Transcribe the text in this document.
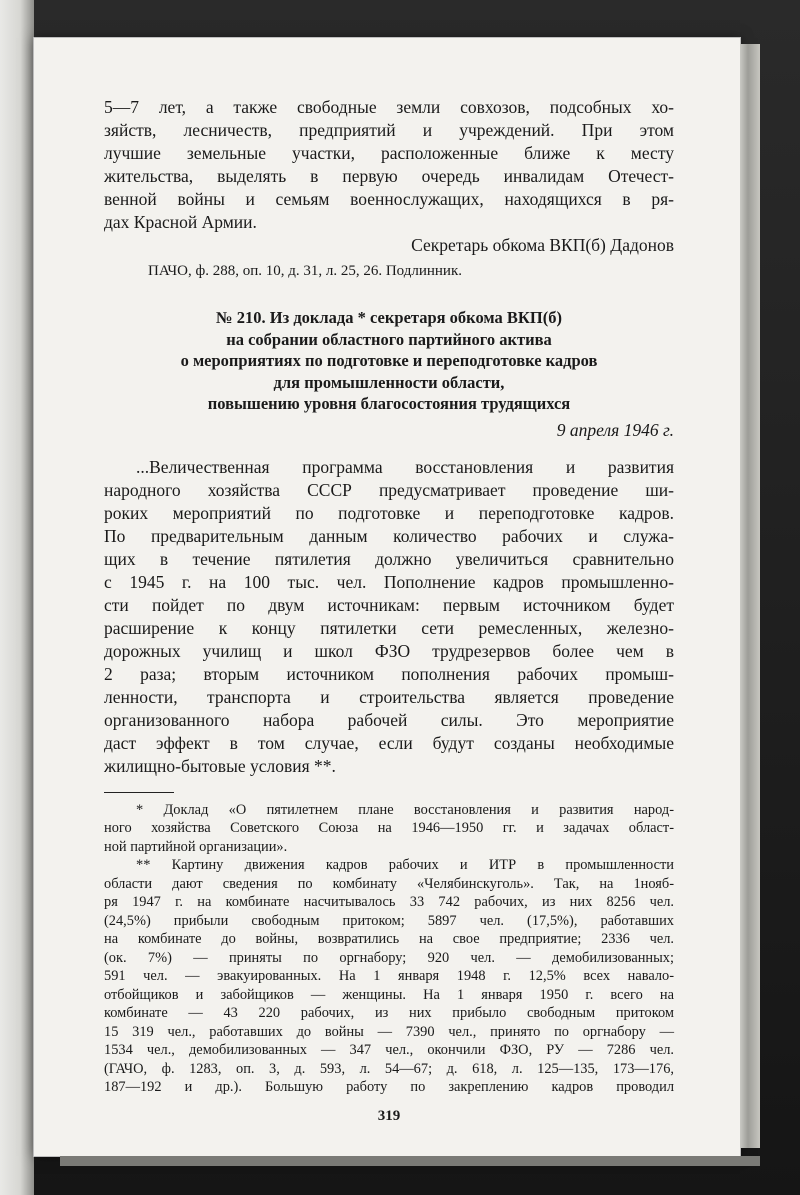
5—7 лет, а также свободные земли совхозов, подсобных хо-
зяйств, лесничеств, предприятий и учреждений. При этом
лучшие земельные участки, расположенные ближе к месту
жительства, выделять в первую очередь инвалидам Отечест-
венной войны и семьям военнослужащих, находящихся в ря-
дах Красной Армии.

Секретарь обкома ВКП(б) Дадонов

ПАЧО, ф. 288, оп. 10, д. 31, л. 25, 26. Подлинник.

№ 210. Из доклада * секретаря обкома ВКП(б)
на собрании областного партийного актива
о мероприятиях по подготовке и переподготовке кадров
для промышленности области,
повышению уровня благосостояния трудящихся
9 апреля 1946 г.
...Величественная программа восстановления и развития
народного хозяйства СССР предусматривает проведение ши-
роких мероприятий по подготовке и переподготовке кадров.
По предварительным данным количество рабочих и служа-
щих в течение пятилетия должно увеличиться сравнительно
с 1945 г. на 100 тыс. чел. Пополнение кадров промышленно-
сти пойдет по двум источникам: первым источником будет
расширение к концу пятилетки сети ремесленных, железно-
дорожных училищ и школ ФЗО трудрезервов более чем в
2 раза; вторым источником пополнения рабочих промыш-
ленности, транспорта и строительства является проведение
организованного набора рабочей силы. Это мероприятие
даст эффект в том случае, если будут созданы необходимые
жилищно-бытовые условия **.
* Доклад «О пятилетнем плане восстановления и развития народ-
ного хозяйства Советского Союза на 1946—1950 гг. и задачах област-
ной партийной организации».
** Картину движения кадров рабочих и ИТР в промышленности
области дают сведения по комбинату «Челябинскуголь». Так, на 1нояб-
ря 1947 г. на комбинате насчитывалось 33 742 рабочих, из них 8256 чел.
(24,5%) прибыли свободным притоком; 5897 чел. (17,5%), работавших
на комбинате до войны, возвратились на свое предприятие; 2336 чел.
(ок. 7%) — приняты по оргнабору; 920 чел. — демобилизованных;
591 чел. — эвакуированных. На 1 января 1948 г. 12,5% всех навало-
отбойщиков и забойщиков — женщины. На 1 января 1950 г. всего на
комбинате — 43 220 рабочих, из них прибыло свободным притоком
15 319 чел., работавших до войны — 7390 чел., принято по оргнабору —
1534 чел., демобилизованных — 347 чел., окончили ФЗО, РУ — 7286 чел.
(ГАЧО, ф. 1283, оп. 3, д. 593, л. 54—67; д. 618, л. 125—135, 173—176,
187—192 и др.). Большую работу по закреплению кадров проводил
319
